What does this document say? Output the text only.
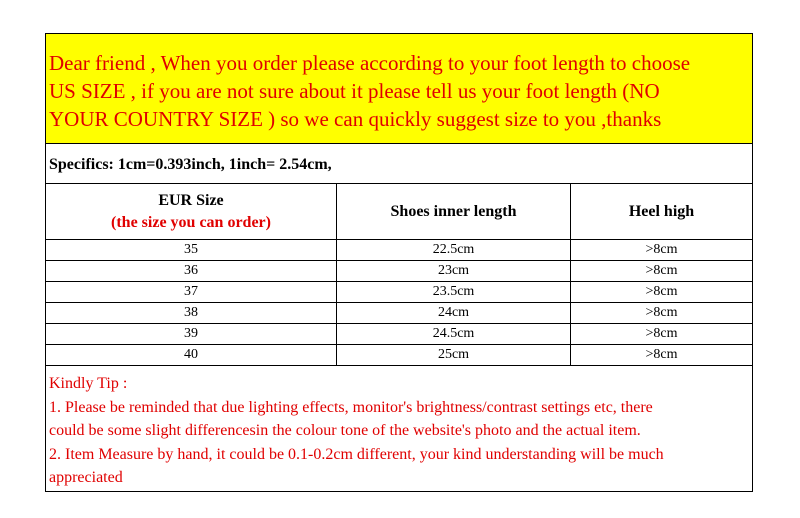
Dear friend , When you order please according to your foot length to choose
US SIZE , if you are not sure about it please tell us your foot length (NO
YOUR COUNTRY SIZE ) so we can quickly suggest size to you ,thanks
Specifics: 1cm=0.393inch, 1inch= 2.54cm,
EUR Size
(the size you can order)	Shoes inner length	Heel high
35	22.5cm	>8cm
36	23cm	>8cm
37	23.5cm	>8cm
38	24cm	>8cm
39	24.5cm	>8cm
40	25cm	>8cm
Kindly Tip :
1. Please be reminded that due lighting effects, monitor's brightness/contrast settings etc, there
could be some slight differencesin the colour tone of the website's photo and the actual item.
2. Item Measure by hand, it could be 0.1-0.2cm different, your kind understanding will be much
appreciated
